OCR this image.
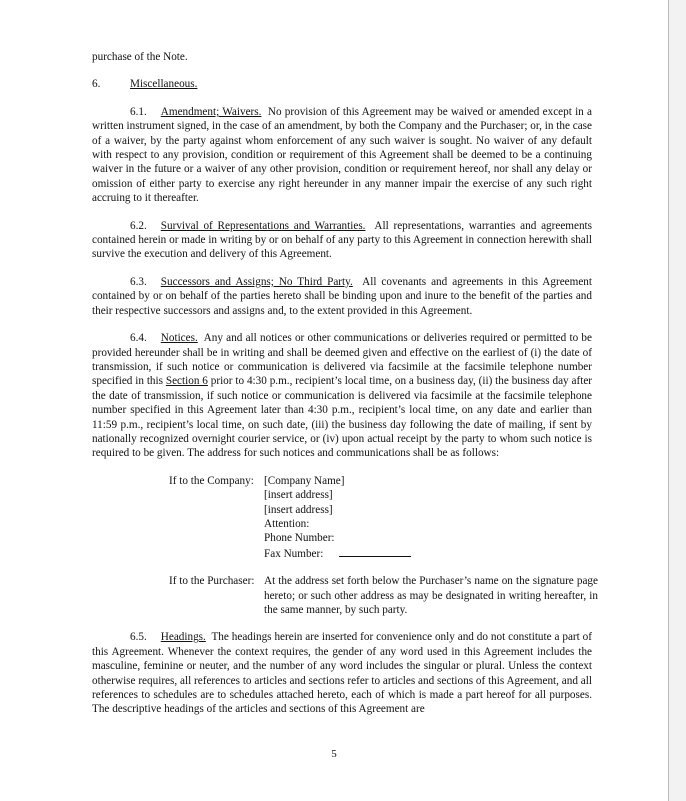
purchase of the Note.

6.	Miscellaneous.

6.1. Amendment; Waivers. No provision of this Agreement may be waived or amended except in a written instrument signed, in the case of an amendment, by both the Company and the Purchaser; or, in the case of a waiver, by the party against whom enforcement of any such waiver is sought. No waiver of any default with respect to any provision, condition or requirement of this Agreement shall be deemed to be a continuing waiver in the future or a waiver of any other provision, condition or requirement hereof, nor shall any delay or omission of either party to exercise any right hereunder in any manner impair the exercise of any such right accruing to it thereafter.

6.2. Survival of Representations and Warranties. All representations, warranties and agreements contained herein or made in writing by or on behalf of any party to this Agreement in connection herewith shall survive the execution and delivery of this Agreement.

6.3. Successors and Assigns; No Third Party. All covenants and agreements in this Agreement contained by or on behalf of the parties hereto shall be binding upon and inure to the benefit of the parties and their respective successors and assigns and, to the extent provided in this Agreement.

6.4. Notices. Any and all notices or other communications or deliveries required or permitted to be provided hereunder shall be in writing and shall be deemed given and effective on the earliest of (i) the date of transmission, if such notice or communication is delivered via facsimile at the facsimile telephone number specified in this Section 6 prior to 4:30 p.m., recipient’s local time, on a business day, (ii) the business day after the date of transmission, if such notice or communication is delivered via facsimile at the facsimile telephone number specified in this Agreement later than 4:30 p.m., recipient’s local time, on any date and earlier than 11:59 p.m., recipient’s local time, on such date, (iii) the business day following the date of mailing, if sent by nationally recognized overnight courier service, or (iv) upon actual receipt by the party to whom such notice is required to be given. The address for such notices and communications shall be as follows:

If to the Company: [Company Name]
[insert address]
[insert address]
Attention:
Phone Number:
Fax Number:
If to the Purchaser: At the address set forth below the Purchaser’s name on the signature page hereto; or such other address as may be designated in writing hereafter, in the same manner, by such party.

6.5. Headings. The headings herein are inserted for convenience only and do not constitute a part of this Agreement. Whenever the context requires, the gender of any word used in this Agreement includes the masculine, feminine or neuter, and the number of any word includes the singular or plural. Unless the context otherwise requires, all references to articles and sections refer to articles and sections of this Agreement, and all references to schedules are to schedules attached hereto, each of which is made a part hereof for all purposes. The descriptive headings of the articles and sections of this Agreement are

5
